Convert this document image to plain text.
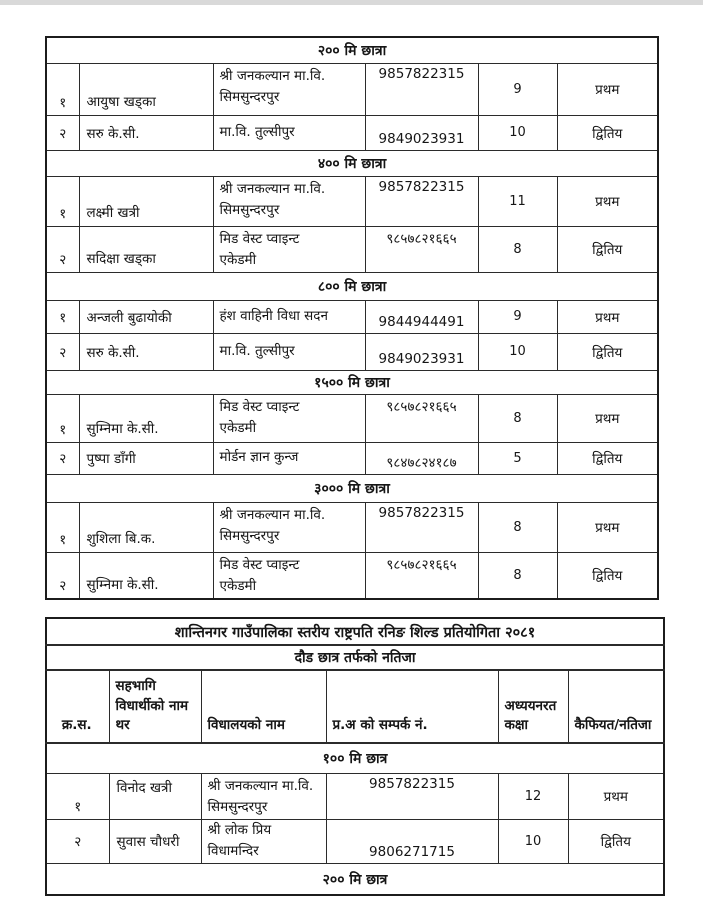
२०० मि छात्रा					
१	आयुषा खड्का	श्री जनकल्यान मा.वि.
सिमसुन्दरपुर	9857822315	9	प्रथम
२	सरु के.सी.	मा.वि. तुल्सीपुर	9849023931	10	द्वितिय
४०० मि छात्रा					
१	लक्ष्मी खत्री	श्री जनकल्यान मा.वि.
सिमसुन्दरपुर	9857822315	11	प्रथम
२	सदिक्षा खड्का	मिड वेस्ट प्वाइन्ट
एकेडमी	९८५७८२१६६५	8	द्वितिय
८०० मि छात्रा					
१	अन्जली बुढायोकी	हंश वाहिनी विधा सदन	9844944491	9	प्रथम
२	सरु के.सी.	मा.वि. तुल्सीपुर	9849023931	10	द्वितिय
१५०० मि छात्रा					
१	सुम्निमा के.सी.	मिड वेस्ट प्वाइन्ट
एकेडमी	९८५७८२१६६५	8	प्रथम
२	पुष्पा डाँगी	मोर्डन ज्ञान कुन्ज	९८४७८२४१८७	5	द्वितिय
३००० मि छात्रा					
१	शुशिला बि.क.	श्री जनकल्यान मा.वि.
सिमसुन्दरपुर	9857822315	8	प्रथम
२	सुम्निमा के.सी.	मिड वेस्ट प्वाइन्ट
एकेडमी	९८५७८२१६६५	8	द्वितिय
शान्तिनगर गाउँपालिका स्तरीय राष्ट्रपति रनिङ शिल्ड प्रतियोगिता २०८१					
दौड छात्र तर्फको नतिजा					
क्र.स.	सहभागि विधार्थीको नाम थर	विधालयको नाम	प्र.अ को सम्पर्क नं.	अध्ययनरत कक्षा	कैफियत/नतिजा
१०० मि छात्र					
१	विनोद खत्री	श्री जनकल्यान मा.वि.
सिमसुन्दरपुर	9857822315	12	प्रथम
२	सुवास चौधरी	श्री लोक प्रिय विधामन्दिर	9806271715	10	द्वितिय
२०० मि छात्र					
